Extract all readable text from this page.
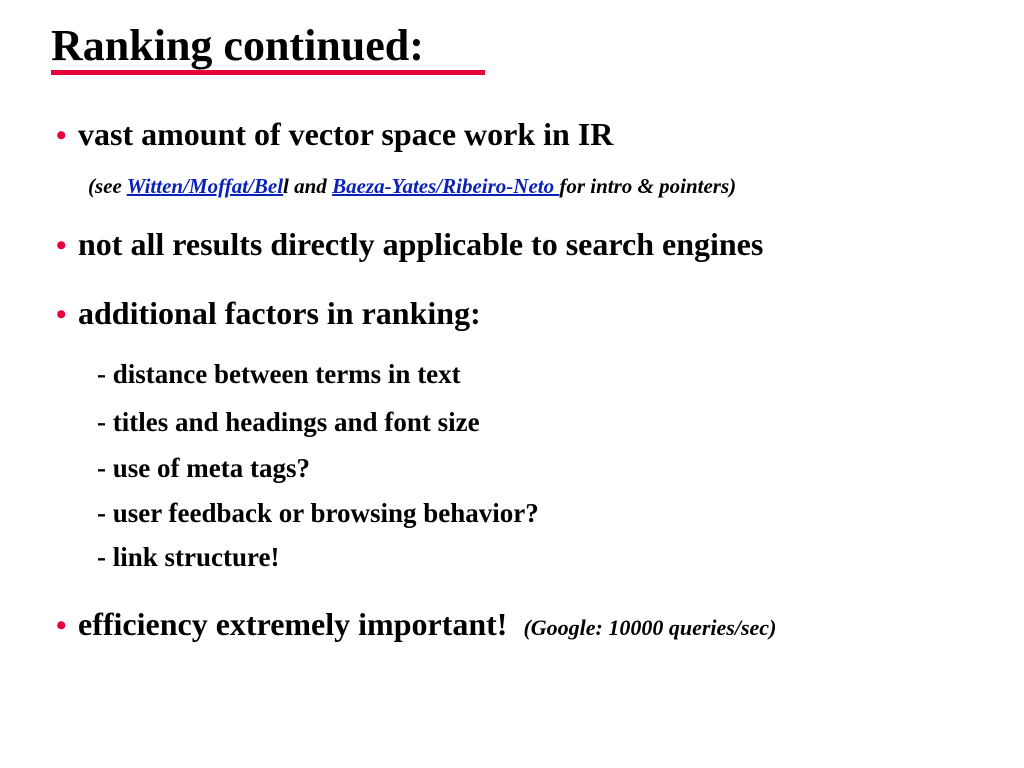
Ranking continued:
• vast amount of vector space work in IR
(see Witten/Moffat/Bell and Baeza-Yates/Ribeiro-Neto for intro & pointers)
• not all results directly applicable to search engines
• additional factors in ranking:
- distance between terms in text
- titles and headings and font size
- use of meta tags?
- user feedback or browsing behavior?
- link structure!
• efficiency extremely important! (Google: 10000 queries/sec)
